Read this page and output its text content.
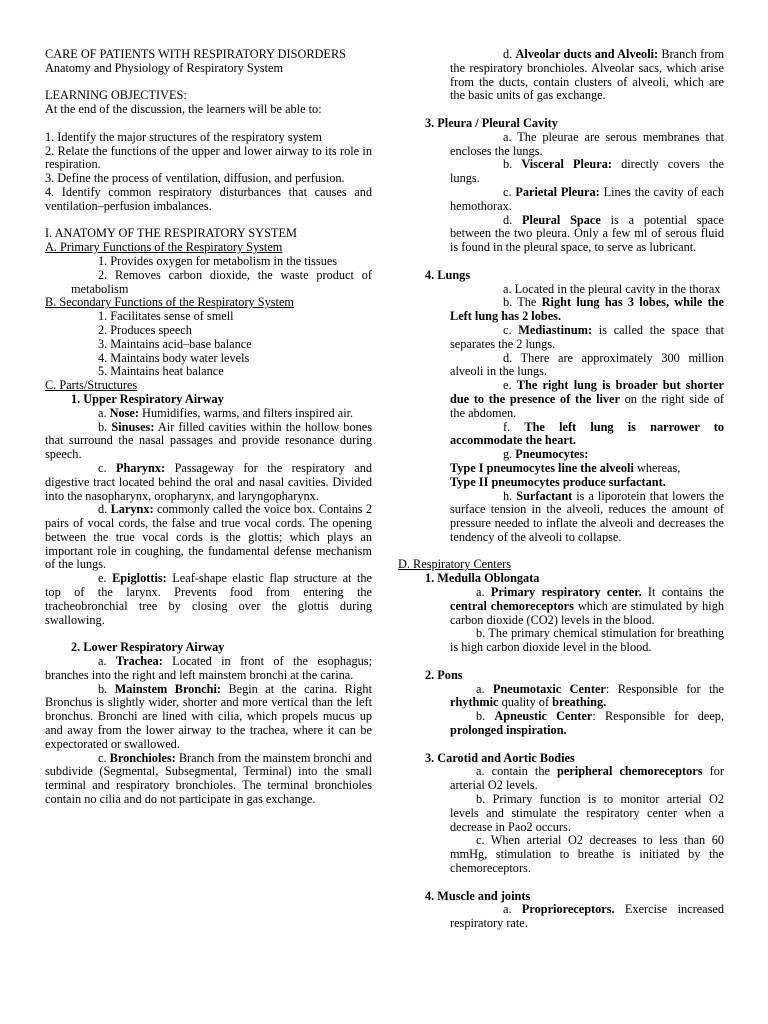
CARE OF PATIENTS WITH RESPIRATORY DISORDERS

Anatomy and Physiology of Respiratory System

LEARNING OBJECTIVES:

At the end of the discussion, the learners will be able to:

1. Identify the major structures of the respiratory system

2. Relate the functions of the upper and lower airway to its role in respiration.

3. Define the process of ventilation, diffusion, and perfusion.

4. Identify common respiratory disturbances that causes and ventilation–perfusion imbalances.

I. ANATOMY OF THE RESPIRATORY SYSTEM

A. Primary Functions of the Respiratory System

1. Provides oxygen for metabolism in the tissues

2. Removes carbon dioxide, the waste product of metabolism

B. Secondary Functions of the Respiratory System

1. Facilitates sense of smell

2. Produces speech

3. Maintains acid–base balance

4. Maintains body water levels

5. Maintains heat balance

C. Parts/Structures

1. Upper Respiratory Airway

a. Nose: Humidifies, warms, and filters inspired air.

b. Sinuses: Air filled cavities within the hollow bones that surround the nasal passages and provide resonance during speech.

c. Pharynx: Passageway for the respiratory and digestive tract located behind the oral and nasal cavities. Divided into the nasopharynx, oropharynx, and laryngopharynx.

d. Larynx: commonly called the voice box. Contains 2 pairs of vocal cords, the false and true vocal cords. The opening between the true vocal cords is the glottis; which plays an important role in coughing, the fundamental defense mechanism of the lungs.

e. Epiglottis: Leaf-shape elastic flap structure at the top of the larynx. Prevents food from entering the tracheobronchial tree by closing over the glottis during swallowing.

2. Lower Respiratory Airway

a. Trachea: Located in front of the esophagus; branches into the right and left mainstem bronchi at the carina.

b. Mainstem Bronchi: Begin at the carina. Right Bronchus is slightly wider, shorter and more vertical than the left bronchus. Bronchi are lined with cilia, which propels mucus up and away from the lower airway to the trachea, where it can be expectorated or swallowed.

c. Bronchioles: Branch from the mainstem bronchi and subdivide (Segmental, Subsegmental, Terminal) into the small terminal and respiratory bronchioles. The terminal bronchioles contain no cilia and do not participate in gas exchange.

d. Alveolar ducts and Alveoli: Branch from the respiratory bronchioles. Alveolar sacs, which arise from the ducts, contain clusters of alveoli, which are the basic units of gas exchange.

3. Pleura / Pleural Cavity

a. The pleurae are serous membranes that encloses the lungs.

b. Visceral Pleura: directly covers the lungs.

c. Parietal Pleura: Lines the cavity of each hemothorax.

d. Pleural Space is a potential space between the two pleura. Only a few ml of serous fluid is found in the pleural space, to serve as lubricant.

4. Lungs

a. Located in the pleural cavity in the thorax

b. The Right lung has 3 lobes, while the Left lung has 2 lobes.

c. Mediastinum: is called the space that separates the 2 lungs.

d. There are approximately 300 million alveoli in the lungs.

e. The right lung is broader but shorter due to the presence of the liver on the right side of the abdomen.

f. The left lung is narrower to accommodate the heart.

g. Pneumocytes:

Type I pneumocytes line the alveoli whereas,

Type II pneumocytes produce surfactant.

h. Surfactant is a liporotein that lowers the surface tension in the alveoli, reduces the amount of pressure needed to inflate the alveoli and decreases the tendency of the alveoli to collapse.

D. Respiratory Centers

1. Medulla Oblongata

a. Primary respiratory center. It contains the central chemoreceptors which are stimulated by high carbon dioxide (CO2) levels in the blood.

b. The primary chemical stimulation for breathing is high carbon dioxide level in the blood.

2. Pons

a. Pneumotaxic Center: Responsible for the rhythmic quality of breathing.

b. Apneustic Center: Responsible for deep, prolonged inspiration.

3. Carotid and Aortic Bodies

a. contain the peripheral chemoreceptors for arterial O2 levels.

b. Primary function is to monitor arterial O2 levels and stimulate the respiratory center when a decrease in Pao2 occurs.

c. When arterial O2 decreases to less than 60 mmHg, stimulation to breathe is initiated by the chemoreceptors.

4. Muscle and joints

a. Proprioreceptors. Exercise increased respiratory rate.
